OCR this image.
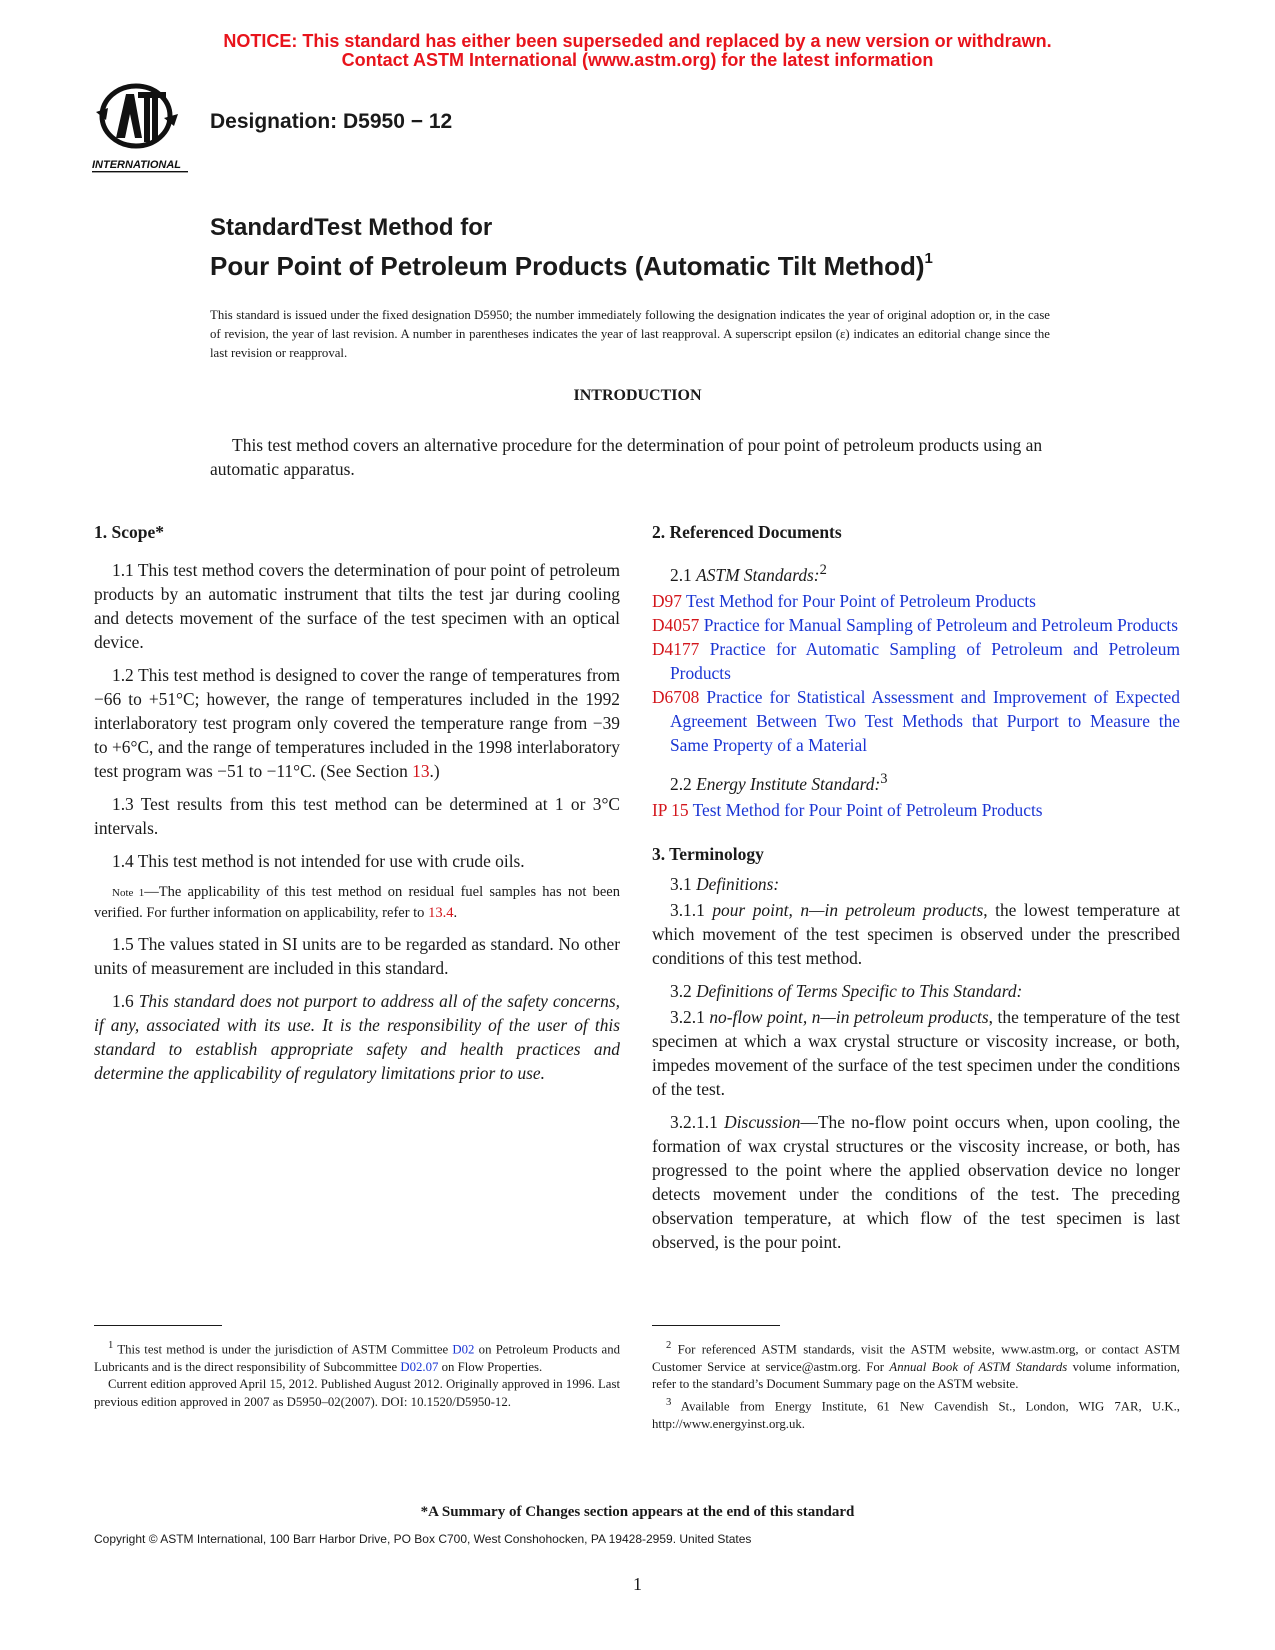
NOTICE: This standard has either been superseded and replaced by a new version or withdrawn.
Contact ASTM International (www.astm.org) for the latest information
INTERNATIONAL
Designation: D5950 − 12
StandardTest Method for
Pour Point of Petroleum Products (Automatic Tilt Method)$^1$
This standard is issued under the fixed designation D5950; the number immediately following the designation indicates the year of original adoption or, in the case of revision, the year of last revision. A number in parentheses indicates the year of last reapproval. A superscript epsilon (ε) indicates an editorial change since the last revision or reapproval.
INTRODUCTION
This test method covers an alternative procedure for the determination of pour point of petroleum products using an automatic apparatus.
1. Scope*

1.1 This test method covers the determination of pour point of petroleum products by an automatic instrument that tilts the test jar during cooling and detects movement of the surface of the test specimen with an optical device.

1.2 This test method is designed to cover the range of temperatures from −66 to +51°C; however, the range of temperatures included in the 1992 interlaboratory test program only covered the temperature range from −39 to +6°C, and the range of temperatures included in the 1998 interlaboratory test program was −51 to −11°C. (See Section 13.)

1.3 Test results from this test method can be determined at 1 or 3°C intervals.

1.4 This test method is not intended for use with crude oils.

Note 1—The applicability of this test method on residual fuel samples has not been verified. For further information on applicability, refer to 13.4.

1.5 The values stated in SI units are to be regarded as standard. No other units of measurement are included in this standard.

1.6 This standard does not purport to address all of the safety concerns, if any, associated with its use. It is the responsibility of the user of this standard to establish appropriate safety and health practices and determine the applicability of regulatory limitations prior to use.

2. Referenced Documents

2.1 ASTM Standards:$^2$

D97 Test Method for Pour Point of Petroleum Products

D4057 Practice for Manual Sampling of Petroleum and Petroleum Products

D4177 Practice for Automatic Sampling of Petroleum and Petroleum Products

D6708 Practice for Statistical Assessment and Improvement of Expected Agreement Between Two Test Methods that Purport to Measure the Same Property of a Material

2.2 Energy Institute Standard:$^3$

IP 15 Test Method for Pour Point of Petroleum Products

3. Terminology

3.1 Definitions:

3.1.1 pour point, n—in petroleum products, the lowest temperature at which movement of the test specimen is observed under the prescribed conditions of this test method.

3.2 Definitions of Terms Specific to This Standard:

3.2.1 no-flow point, n—in petroleum products, the temperature of the test specimen at which a wax crystal structure or viscosity increase, or both, impedes movement of the surface of the test specimen under the conditions of the test.

3.2.1.1 Discussion—The no-flow point occurs when, upon cooling, the formation of wax crystal structures or the viscosity increase, or both, has progressed to the point where the applied observation device no longer detects movement under the conditions of the test. The preceding observation temperature, at which flow of the test specimen is last observed, is the pour point.

$^1$ This test method is under the jurisdiction of ASTM Committee D02 on Petroleum Products and Lubricants and is the direct responsibility of Subcommittee D02.07 on Flow Properties.

Current edition approved April 15, 2012. Published August 2012. Originally approved in 1996. Last previous edition approved in 2007 as D5950–02(2007). DOI: 10.1520/D5950-12.

$^2$ For referenced ASTM standards, visit the ASTM website, www.astm.org, or contact ASTM Customer Service at service@astm.org. For Annual Book of ASTM Standards volume information, refer to the standard’s Document Summary page on the ASTM website.

$^3$ Available from Energy Institute, 61 New Cavendish St., London, WIG 7AR, U.K., http://www.energyinst.org.uk.

*A Summary of Changes section appears at the end of this standard
Copyright © ASTM International, 100 Barr Harbor Drive, PO Box C700, West Conshohocken, PA 19428-2959. United States
1
